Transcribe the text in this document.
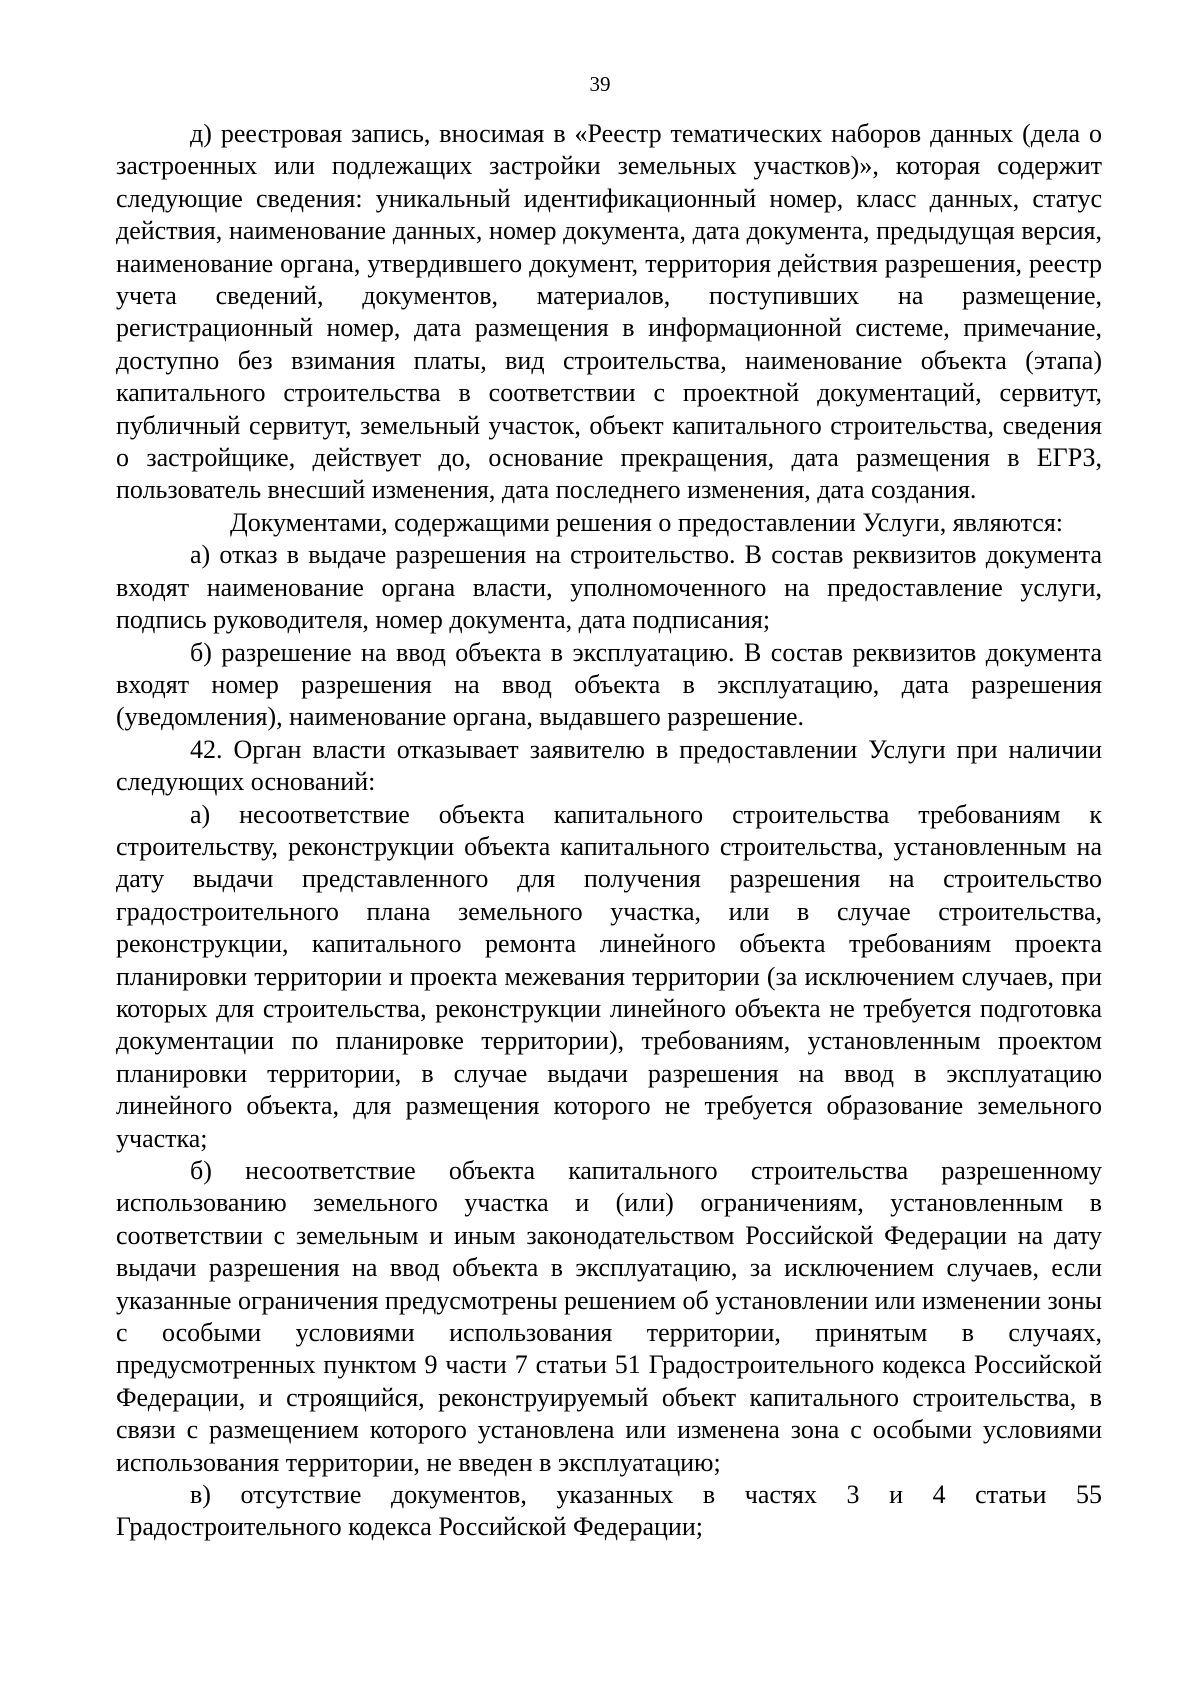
39

д) реестровая запись, вносимая в «Реестр тематических наборов данных (дела о застроенных или подлежащих застройки земельных участков)», которая содержит следующие сведения: уникальный идентификационный номер, класс данных, статус действия, наименование данных, номер документа, дата документа, предыдущая версия, наименование органа, утвердившего документ, территория действия разрешения, реестр учета сведений, документов, материалов, поступивших на размещение, регистрационный номер, дата размещения в информационной системе, примечание, доступно без взимания платы, вид строительства, наименование объекта (этапа) капитального строительства в соответствии с проектной документаций, сервитут, публичный сервитут, земельный участок, объект капитального строительства, сведения о застройщике, действует до, основание прекращения, дата размещения в ЕГРЗ, пользователь внесший изменения, дата последнего изменения, дата создания.

Документами, содержащими решения о предоставлении Услуги, являются:

а) отказ в выдаче разрешения на строительство. В состав реквизитов документа входят наименование органа власти, уполномоченного на предоставление услуги, подпись руководителя, номер документа, дата подписания;

б) разрешение на ввод объекта в эксплуатацию. В состав реквизитов документа входят номер разрешения на ввод объекта в эксплуатацию, дата разрешения (уведомления), наименование органа, выдавшего разрешение.

42. Орган власти отказывает заявителю в предоставлении Услуги при наличии следующих оснований:

а) несоответствие объекта капитального строительства требованиям к строительству, реконструкции объекта капитального строительства, установленным на дату выдачи представленного для получения разрешения на строительство градостроительного плана земельного участка, или в случае строительства, реконструкции, капитального ремонта линейного объекта требованиям проекта планировки территории и проекта межевания территории (за исключением случаев, при которых для строительства, реконструкции линейного объекта не требуется подготовка документации по планировке территории), требованиям, установленным проектом планировки территории, в случае выдачи разрешения на ввод в эксплуатацию линейного объекта, для размещения которого не требуется образование земельного участка;

б) несоответствие объекта капитального строительства разрешенному использованию земельного участка и (или) ограничениям, установленным в соответствии с земельным и иным законодательством Российской Федерации на дату выдачи разрешения на ввод объекта в эксплуатацию, за исключением случаев, если указанные ограничения предусмотрены решением об установлении или изменении зоны с особыми условиями использования территории, принятым в случаях, предусмотренных пунктом 9 части 7 статьи 51 Градостроительного кодекса Российской Федерации, и строящийся, реконструируемый объект капитального строительства, в связи с размещением которого установлена или изменена зона с особыми условиями использования территории, не введен в эксплуатацию;

в) отсутствие документов, указанных в частях 3 и 4 статьи 55 Градостроительного кодекса Российской Федерации;
